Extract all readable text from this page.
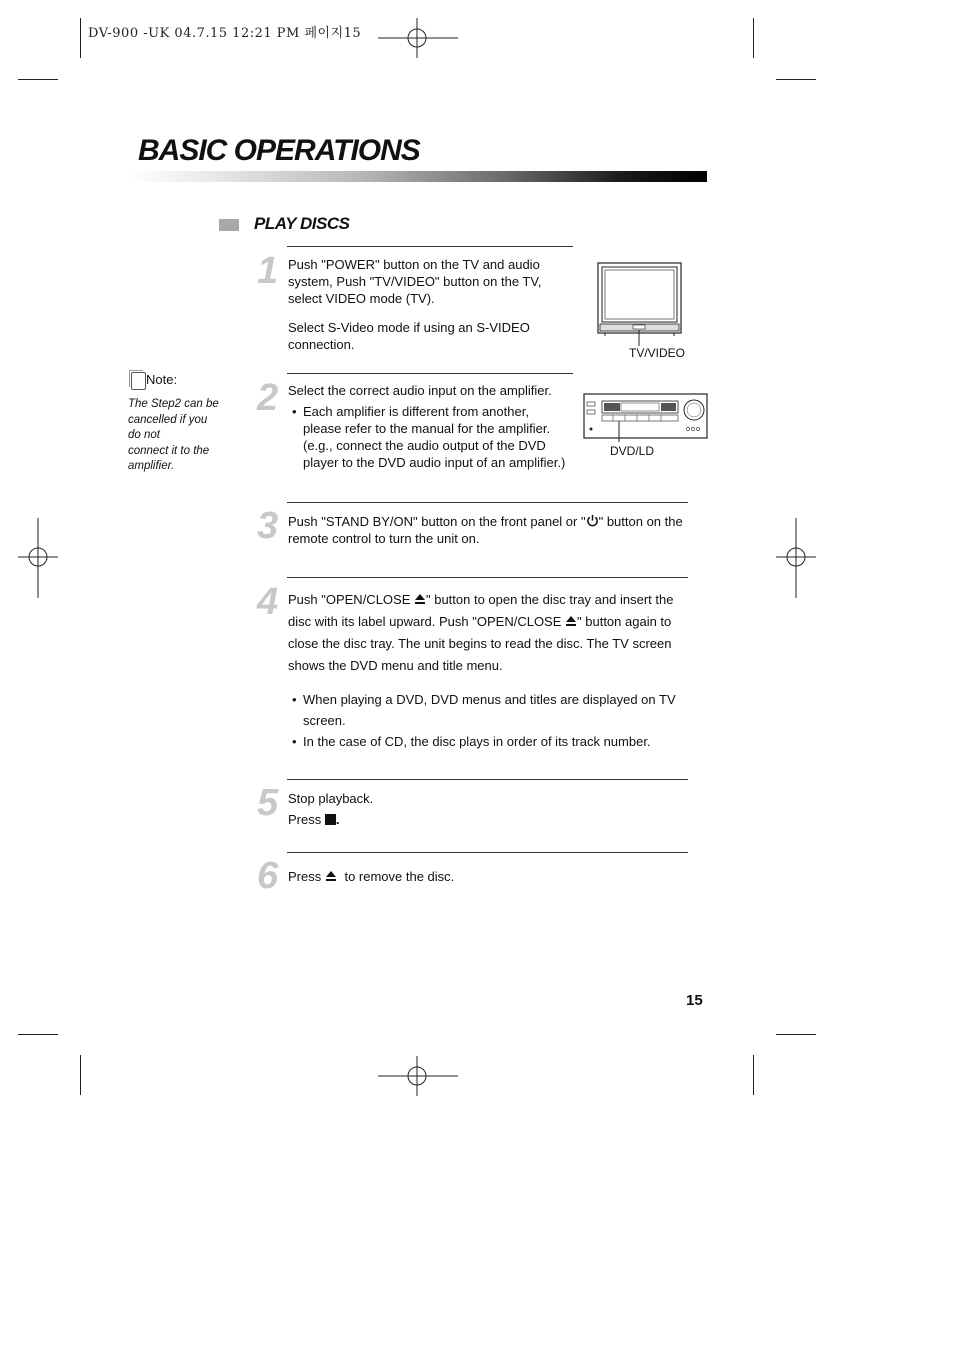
DV-900 -UK 04.7.15 12:21 PM 페이지15
BASIC OPERATIONS
PLAY DISCS
Note:
The Step2 can be
cancelled if you
do not
connect it to the
amplifier.
1 Push "POWER" button on the TV and audio system, Push "TV/VIDEO" button on the TV, select VIDEO mode (TV).

Select S-Video mode if using an S-VIDEO connection.

TV/VIDEO
2 Select the correct audio input on the amplifier.

• Each amplifier is different from another, please refer to the manual for the amplifier. (e.g., connect the audio output of the DVD player to the DVD audio input of an amplifier.)

DVD/LD
3 Push "STAND BY/ON" button on the front panel or " " button on the remote control to turn the unit on.
4 Push "OPEN/CLOSE " button to open the disc tray and insert the disc with its label upward. Push "OPEN/CLOSE " button again to close the disc tray. The unit begins to read the disc. The TV screen shows the DVD menu and title menu.

• When playing a DVD, DVD menus and titles are displayed on TV screen.

• In the case of CD, the disc plays in order of its track number.

5 Stop playback.

Press .

6 Press  to remove the disc.
15
